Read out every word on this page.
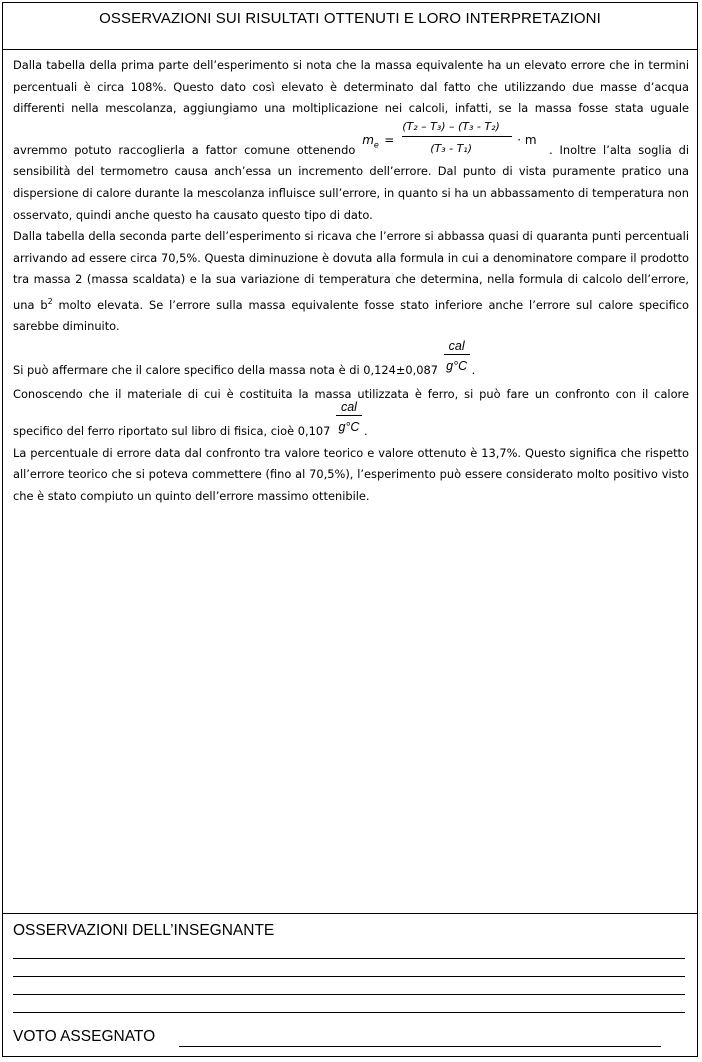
OSSERVAZIONI SUI RISULTATI OTTENUTI E LORO INTERPRETAZIONI

Dalla tabella della prima parte dell’esperimento si nota che la massa equivalente ha un elevato errore che in termini percentuali è circa 108%. Questo dato così elevato è determinato dal fatto che utilizzando due masse d’acqua differenti nella mescolanza, aggiungiamo una moltiplicazione nei calcoli, infatti, se la massa fosse stata uguale avremmo potuto raccoglierla a fattor comune ottenendo
$m_e$ =
(T₂ – T₃) – (T₃ - T₂)
(T₃ - T₁)
· m
. Inoltre l’alta soglia di sensibilità del termometro causa anch’essa un incremento dell’errore. Dal punto di vista puramente pratico una dispersione di calore durante la mescolanza influisce sull’errore, in quanto si ha un abbassamento di temperatura non osservato, quindi anche questo ha causato questo tipo di dato.

Dalla tabella della seconda parte dell’esperimento si ricava che l’errore si abbassa quasi di quaranta punti percentuali arrivando ad essere circa 70,5%. Questa diminuzione è dovuta alla formula in cui a denominatore compare il prodotto tra massa 2 (massa scaldata) e la sua variazione di temperatura che determina, nella formula di calcolo dell’errore, una $b^2$ molto elevata. Se l’errore sulla massa equivalente fosse stato inferiore anche l’errore sul calore specifico sarebbe diminuito.

Si può affermare che il calore specifico della massa nota è di $0,124\pm 0,087 \frac{\text{cal}}{g^\circ C}$ .

Conoscendo che il materiale di cui è costituita la massa utilizzata è ferro, si può fare un confronto con il calore specifico del ferro riportato sul libro di fisica, cioè $0,107 \frac{\text{cal}}{g^\circ C}$ .

La percentuale di errore data dal confronto tra valore teorico e valore ottenuto è 13,7%. Questo significa che rispetto all’errore teorico che si poteva commettere (fino al 70,5%), l’esperimento può essere considerato molto positivo visto che è stato compiuto un quinto dell’errore massimo ottenibile.

OSSERVAZIONI DELL’INSEGNANTE
VOTO ASSEGNATO
